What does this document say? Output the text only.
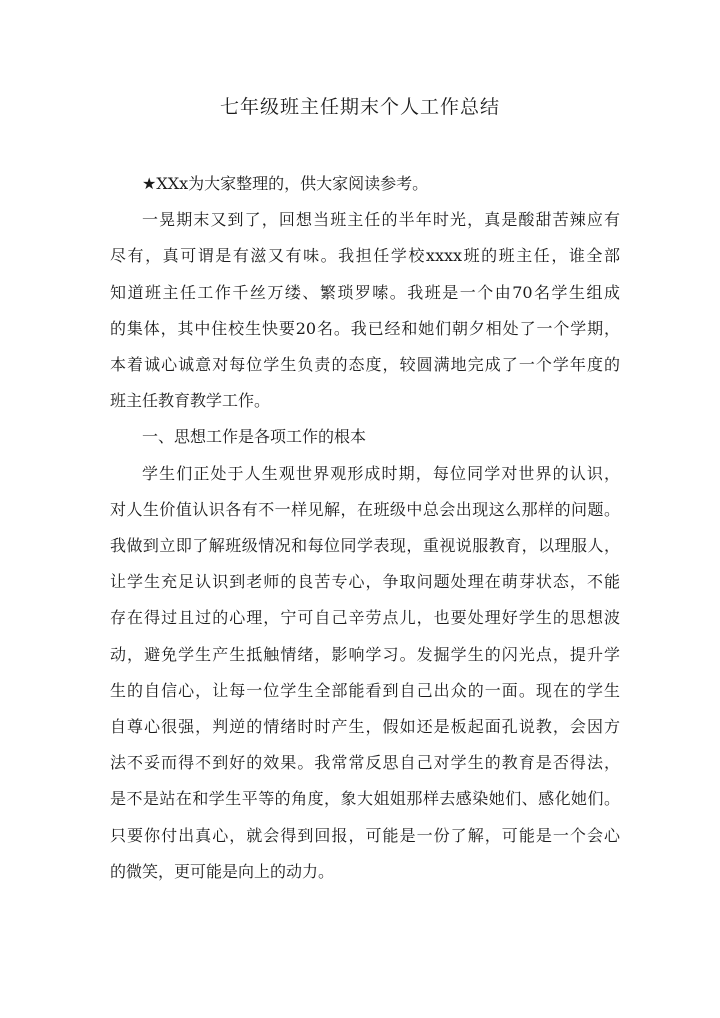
七年级班主任期末个人工作总结
★XXx为大家整理的，供大家阅读参考。
一晃期末又到了，回想当班主任的半年时光，真是酸甜苦辣应有
尽有，真可谓是有滋又有味。我担任学校xxxx班的班主任，谁全部
知道班主任工作千丝万缕、繁琐罗嗦。我班是一个由70名学生组成
的集体，其中住校生快要20名。我已经和她们朝夕相处了一个学期，
本着诚心诚意对每位学生负责的态度，较圆满地完成了一个学年度的
班主任教育教学工作。
一、思想工作是各项工作的根本
学生们正处于人生观世界观形成时期，每位同学对世界的认识，
对人生价值认识各有不一样见解，在班级中总会出现这么那样的问题。
我做到立即了解班级情况和每位同学表现，重视说服教育，以理服人，
让学生充足认识到老师的良苦专心，争取问题处理在萌芽状态，不能
存在得过且过的心理，宁可自己辛劳点儿，也要处理好学生的思想波
动，避免学生产生抵触情绪，影响学习。发掘学生的闪光点，提升学
生的自信心，让每一位学生全部能看到自己出众的一面。现在的学生
自尊心很强，判逆的情绪时时产生，假如还是板起面孔说教，会因方
法不妥而得不到好的效果。我常常反思自己对学生的教育是否得法，
是不是站在和学生平等的角度，象大姐姐那样去感染她们、感化她们。
只要你付出真心，就会得到回报，可能是一份了解，可能是一个会心
的微笑，更可能是向上的动力。
